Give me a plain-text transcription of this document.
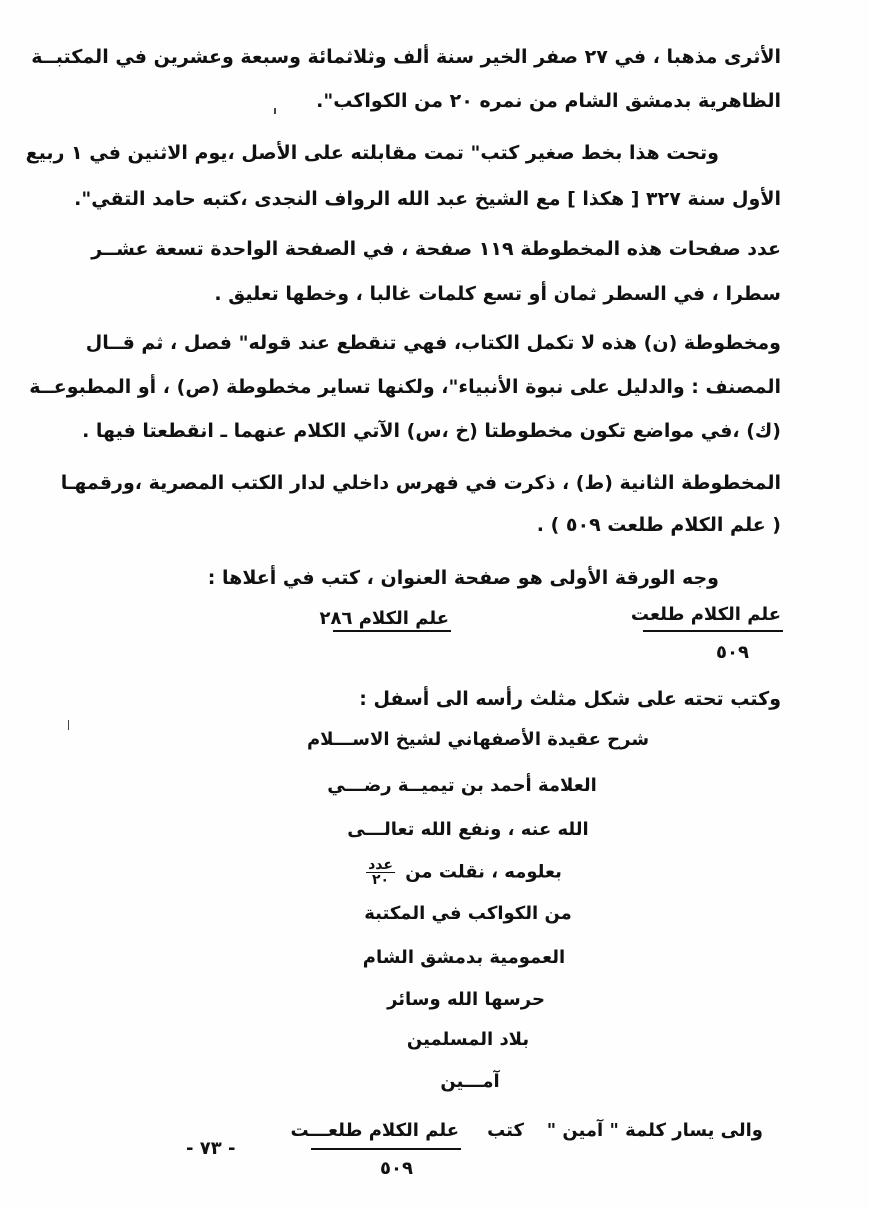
الأثرى مذهبا ، في ٢٧ صفر الخير سنة ألف وثلاثمائة وسبعة وعشرين في المكتبــة
الظاهرية بدمشق الشام من نمره ٢٠ من الكواكب".
وتحت هذا بخط صغير كتب" تمت مقابلته على الأصل ،يوم الاثنين في ١ ربيع
الأول سنة ٣٢٧ [ هكذا ] مع الشيخ عبد الله الرواف النجدى ،كتبه حامد التقي".
عدد صفحات هذه المخطوطة ١١٩ صفحة ، في الصفحة الواحدة تسعة عشــر
سطرا ، في السطر ثمان أو تسع كلمات غالبا ، وخطها تعليق .
ومخطوطة (ن) هذه لا تكمل الكتاب، فهي تنقطع عند قوله" فصل ، ثم قــال
المصنف : والدليل على نبوة الأنبياء"، ولكنها تساير مخطوطة (ص) ، أو المطبوعــة
(ك) ،في مواضع تكون مخطوطتا (خ ،س) الآتي الكلام عنهما ـ انقطعتا فيها .
المخطوطة الثانية (ط) ، ذكرت في فهرس داخلي لدار الكتب المصرية ،ورقمهـا
( علم الكلام طلعت ٥٠٩ ) .
وجه الورقة الأولى هو صفحة العنوان ، كتب في أعلاها :
علم الكلام طلعت
٥٠٩
علم الكلام ٢٨٦
وكتب تحته على شكل مثلث رأسه الى أسفل :
شرح عقيدة الأصفهاني لشيخ الاســـلام
العلامة أحمد بن تيميــة رضـــي
الله عنه ، ونفع الله تعالـــى
بعلومه ، نقلت من
$\frac{\text{عدد}}{٢٠}$
من الكواكب في المكتبة
العمومية بدمشق الشام
حرسها الله وسائر
بلاد المسلمين
آمـــين
والى يسار كلمة " آمين "
كتب
علم الكلام طلعـــت
٥٠٩
- ٧٣ -
